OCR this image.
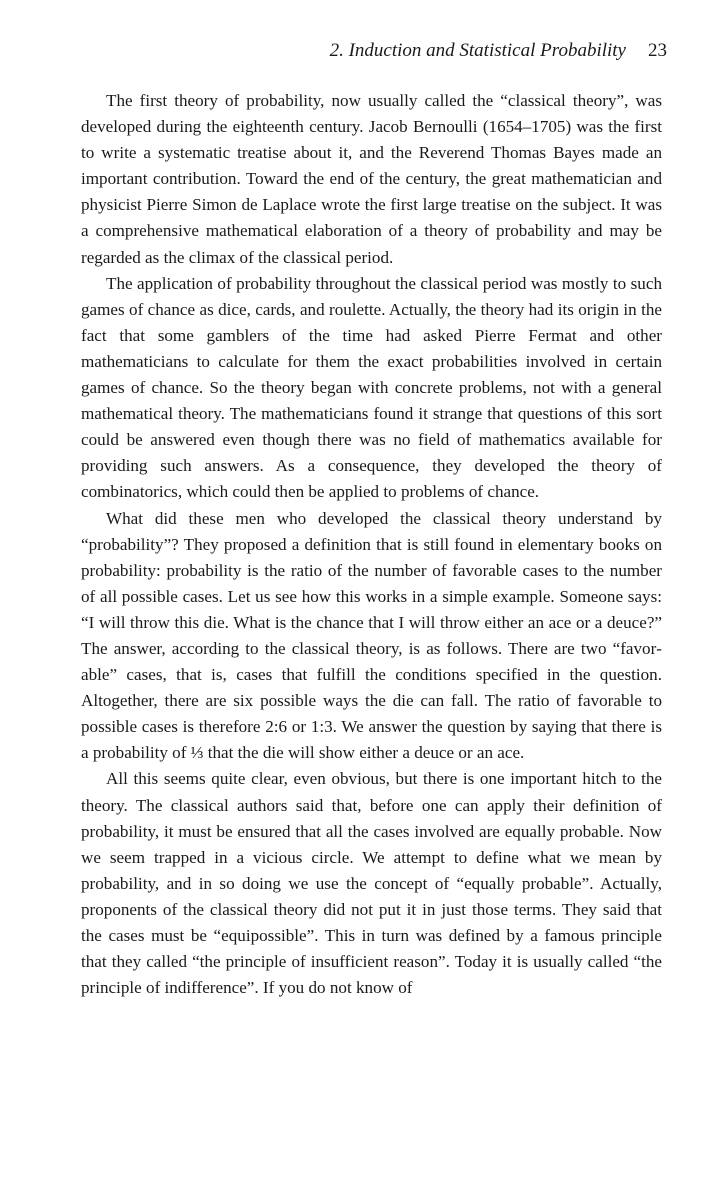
2. Induction and Statistical Probability 23

The first theory of probability, now usually called the “classical theory”, was developed during the eighteenth century. Jacob Bernoulli (1654–1705) was the first to write a systematic treatise about it, and the Reverend Thomas Bayes made an important contribution. Toward the end of the century, the great mathematician and physicist Pierre Simon de Laplace wrote the first large treatise on the subject. It was a comprehensive mathematical elaboration of a theory of probability and may be regarded as the climax of the classical period.

The application of probability throughout the classical period was mostly to such games of chance as dice, cards, and roulette. Actually, the theory had its origin in the fact that some gamblers of the time had asked Pierre Fermat and other mathematicians to calculate for them the exact probabilities involved in certain games of chance. So the theory began with concrete problems, not with a general mathematical theory. The mathematicians found it strange that questions of this sort could be answered even though there was no field of mathematics available for providing such answers. As a consequence, they developed the theory of combinatorics, which could then be applied to problems of chance.

What did these men who developed the classical theory understand by “probability”? They proposed a definition that is still found in elementary books on probability: probability is the ratio of the number of favorable cases to the number of all possible cases. Let us see how this works in a simple example. Someone says: “I will throw this die. What is the chance that I will throw either an ace or a deuce?” The answer, according to the classical theory, is as follows. There are two “favorable” cases, that is, cases that fulfill the conditions specified in the question. Altogether, there are six possible ways the die can fall. The ratio of favorable to possible cases is therefore 2:6 or 1:3. We answer the question by saying that there is a probability of ⅓ that the die will show either a deuce or an ace.

All this seems quite clear, even obvious, but there is one important hitch to the theory. The classical authors said that, before one can apply their definition of probability, it must be ensured that all the cases involved are equally probable. Now we seem trapped in a vicious circle. We attempt to define what we mean by probability, and in so doing we use the concept of “equally probable”. Actually, proponents of the classical theory did not put it in just those terms. They said that the cases must be “equipossible”. This in turn was defined by a famous principle that they called “the principle of insufficient reason”. Today it is usually called “the principle of indifference”. If you do not know of
